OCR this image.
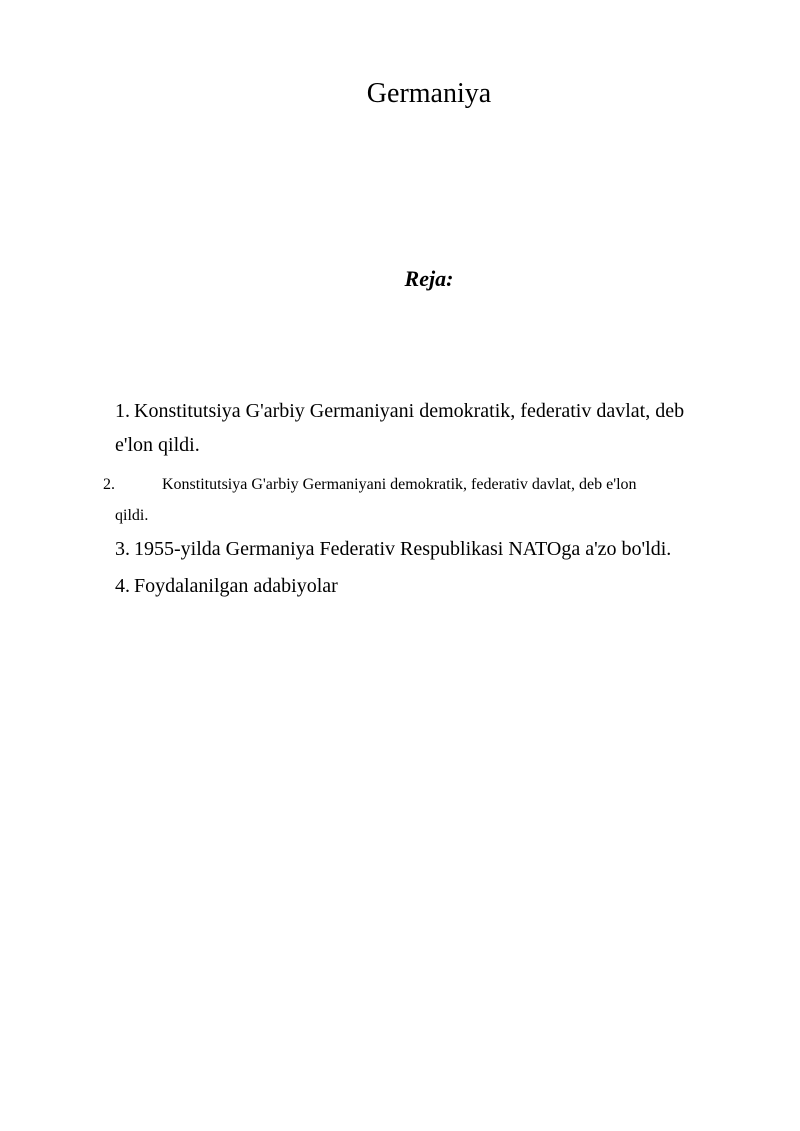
Germaniya
Reja:
1. Konstitutsiya G'arbiy Germaniyani demokratik, federativ davlat, deb
e'lon qildi.
2.	Konstitutsiya G'arbiy Germaniyani demokratik, federativ davlat, deb e'lon
qildi.
3. 1955-yilda Germaniya Federativ Respublikasi NATOga a'zo bo'ldi.
4. Foydalanilgan adabiyolar
